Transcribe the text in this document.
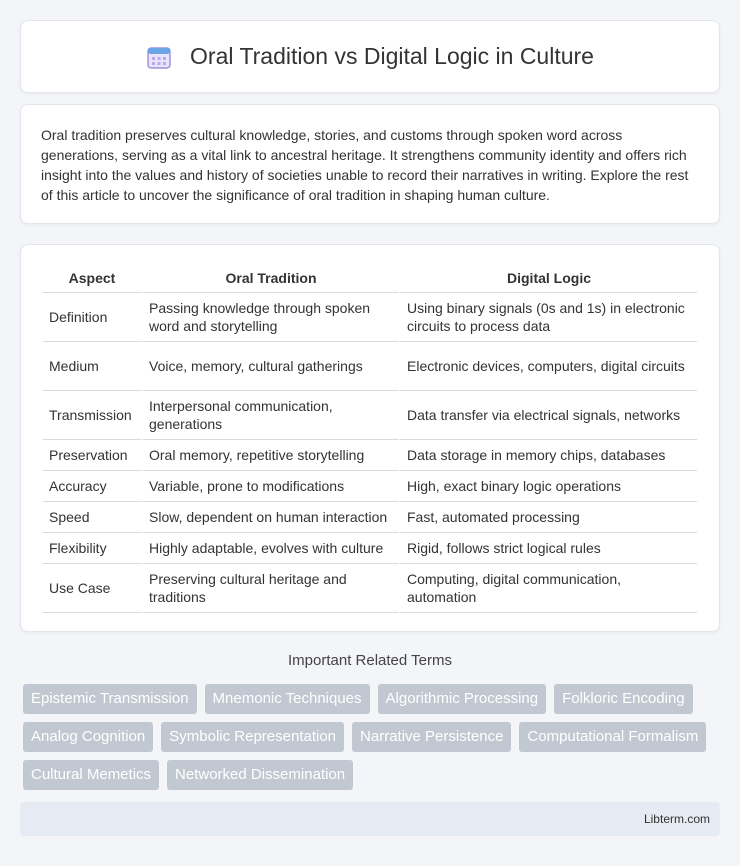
Oral Tradition vs Digital Logic in Culture

Oral tradition preserves cultural knowledge, stories, and customs through spoken word across generations, serving as a vital link to ancestral heritage. It strengthens community identity and offers rich insight into the values and history of societies unable to record their narratives in writing. Explore the rest of this article to uncover the significance of oral tradition in shaping human culture.

Aspect	Oral Tradition	Digital Logic
Definition	Passing knowledge through spoken word and storytelling	Using binary signals (0s and 1s) in electronic circuits to process data
Medium	Voice, memory, cultural gatherings	Electronic devices, computers, digital circuits
Transmission	Interpersonal communication, generations	Data transfer via electrical signals, networks
Preservation	Oral memory, repetitive storytelling	Data storage in memory chips, databases
Accuracy	Variable, prone to modifications	High, exact binary logic operations
Speed	Slow, dependent on human interaction	Fast, automated processing
Flexibility	Highly adaptable, evolves with culture	Rigid, follows strict logical rules
Use Case	Preserving cultural heritage and traditions	Computing, digital communication, automation
Important Related Terms
Epistemic Transmission	Mnemonic Techniques	Algorithmic Processing	Folkloric Encoding
Analog Cognition	Symbolic Representation	Narrative Persistence	Computational Formalism
Cultural Memetics	Networked Dissemination
Libterm.com
